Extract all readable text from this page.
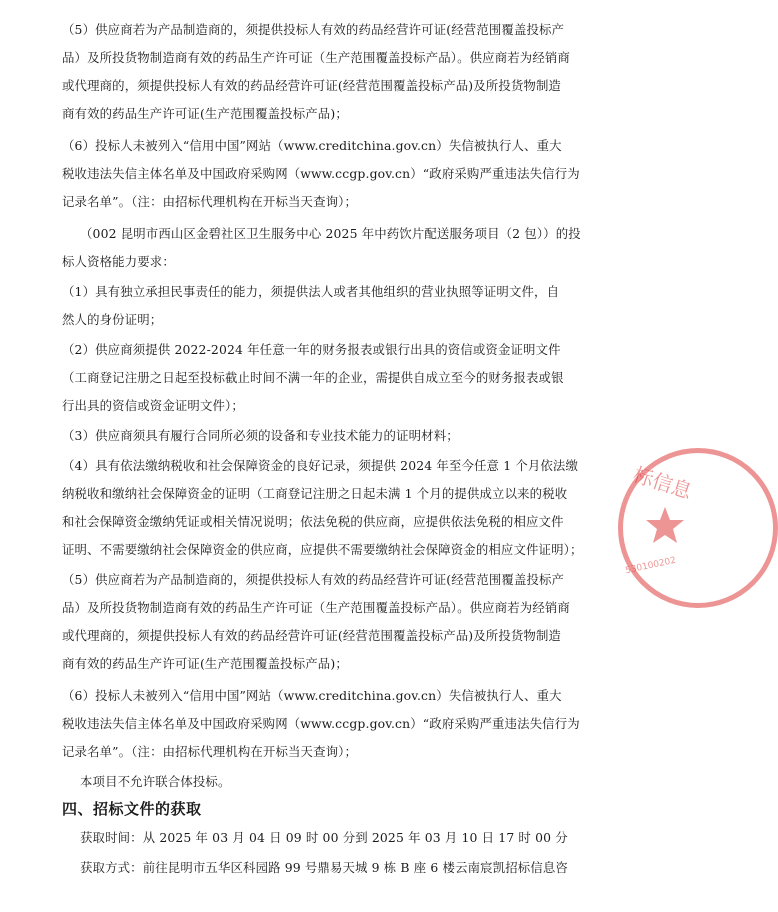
（5）供应商若为产品制造商的，须提供投标人有效的药品经营许可证(经营范围覆盖投标产
品）及所投货物制造商有效的药品生产许可证（生产范围覆盖投标产品）。供应商若为经销商
或代理商的，须提供投标人有效的药品经营许可证(经营范围覆盖投标产品)及所投货物制造
商有效的药品生产许可证(生产范围覆盖投标产品)；
（6）投标人未被列入“信用中国”网站（www.creditchina.gov.cn）失信被执行人、重大
税收违法失信主体名单及中国政府采购网（www.ccgp.gov.cn）“政府采购严重违法失信行为
记录名单”。（注：由招标代理机构在开标当天查询）；
（002 昆明市西山区金碧社区卫生服务中心 2025 年中药饮片配送服务项目（2 包））的投
标人资格能力要求：
（1）具有独立承担民事责任的能力，须提供法人或者其他组织的营业执照等证明文件，自
然人的身份证明；
（2）供应商须提供 2022-2024 年任意一年的财务报表或银行出具的资信或资金证明文件
（工商登记注册之日起至投标截止时间不满一年的企业，需提供自成立至今的财务报表或银
行出具的资信或资金证明文件）；
（3）供应商须具有履行合同所必须的设备和专业技术能力的证明材料；
（4）具有依法缴纳税收和社会保障资金的良好记录，须提供 2024 年至今任意 1 个月依法缴
纳税收和缴纳社会保障资金的证明（工商登记注册之日起未满 1 个月的提供成立以来的税收
和社会保障资金缴纳凭证或相关情况说明；依法免税的供应商，应提供依法免税的相应文件
证明、不需要缴纳社会保障资金的供应商，应提供不需要缴纳社会保障资金的相应文件证明）；
（5）供应商若为产品制造商的，须提供投标人有效的药品经营许可证(经营范围覆盖投标产
品）及所投货物制造商有效的药品生产许可证（生产范围覆盖投标产品）。供应商若为经销商
或代理商的，须提供投标人有效的药品经营许可证(经营范围覆盖投标产品)及所投货物制造
商有效的药品生产许可证(生产范围覆盖投标产品)；
（6）投标人未被列入“信用中国”网站（www.creditchina.gov.cn）失信被执行人、重大
税收违法失信主体名单及中国政府采购网（www.ccgp.gov.cn）“政府采购严重违法失信行为
记录名单”。（注：由招标代理机构在开标当天查询）；
本项目不允许联合体投标。
四、招标文件的获取
获取时间：从 2025 年 03 月 04 日 09 时 00 分到 2025 年 03 月 10 日 17 时 00 分
获取方式：前往昆明市五华区科园路 99 号鼎易天城 9 栋 B 座 6 楼云南宸凯招标信息咨
标信息
530100202
